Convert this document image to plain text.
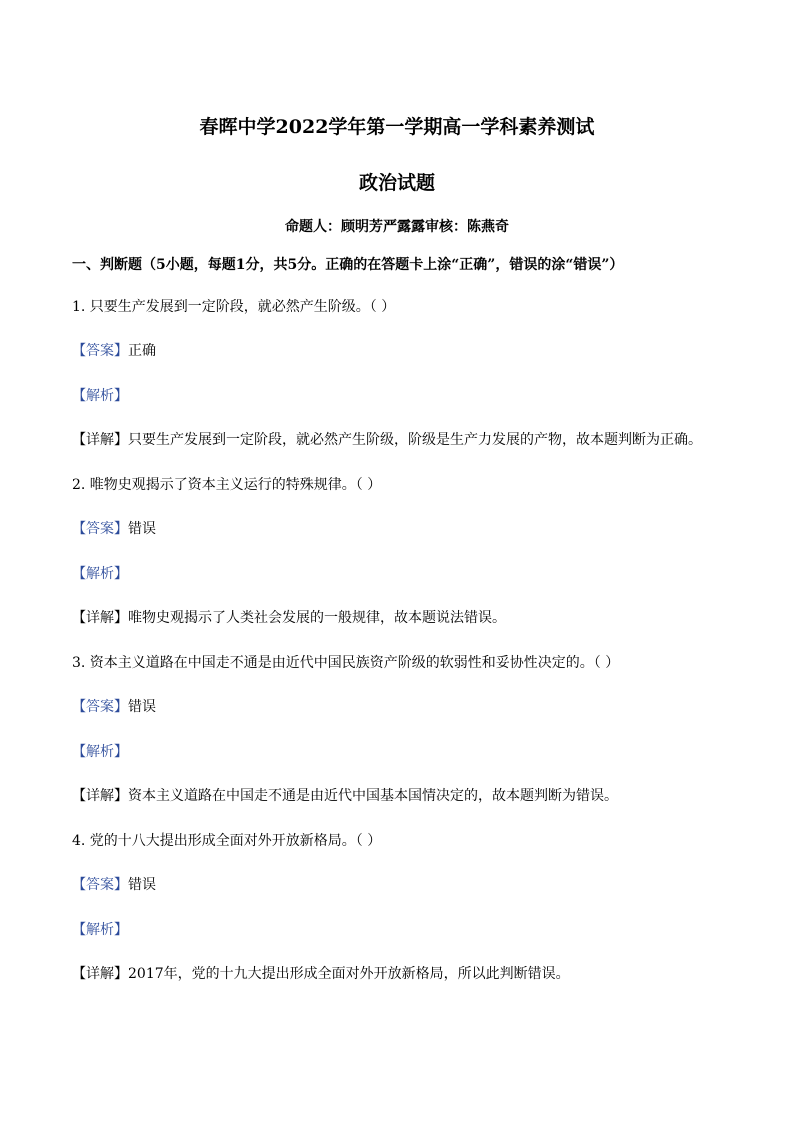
春晖中学2022学年第一学期高一学科素养测试
政治试题
命题人：顾明芳严露露审核：陈燕奇
一、判断题（5小题，每题1分，共5分。正确的在答题卡上涂“正确”，错误的涂“错误”）
1. 只要生产发展到一定阶段，就必然产生阶级。（ ）
【答案】正确
【解析】
【详解】只要生产发展到一定阶段，就必然产生阶级，阶级是生产力发展的产物，故本题判断为正确。
2. 唯物史观揭示了资本主义运行的特殊规律。（ ）
【答案】错误
【解析】
【详解】唯物史观揭示了人类社会发展的一般规律，故本题说法错误。
3. 资本主义道路在中国走不通是由近代中国民族资产阶级的软弱性和妥协性决定的。（ ）
【答案】错误
【解析】
【详解】资本主义道路在中国走不通是由近代中国基本国情决定的，故本题判断为错误。
4. 党的十八大提出形成全面对外开放新格局。（ ）
【答案】错误
【解析】
【详解】2017年，党的十九大提出形成全面对外开放新格局，所以此判断错误。
